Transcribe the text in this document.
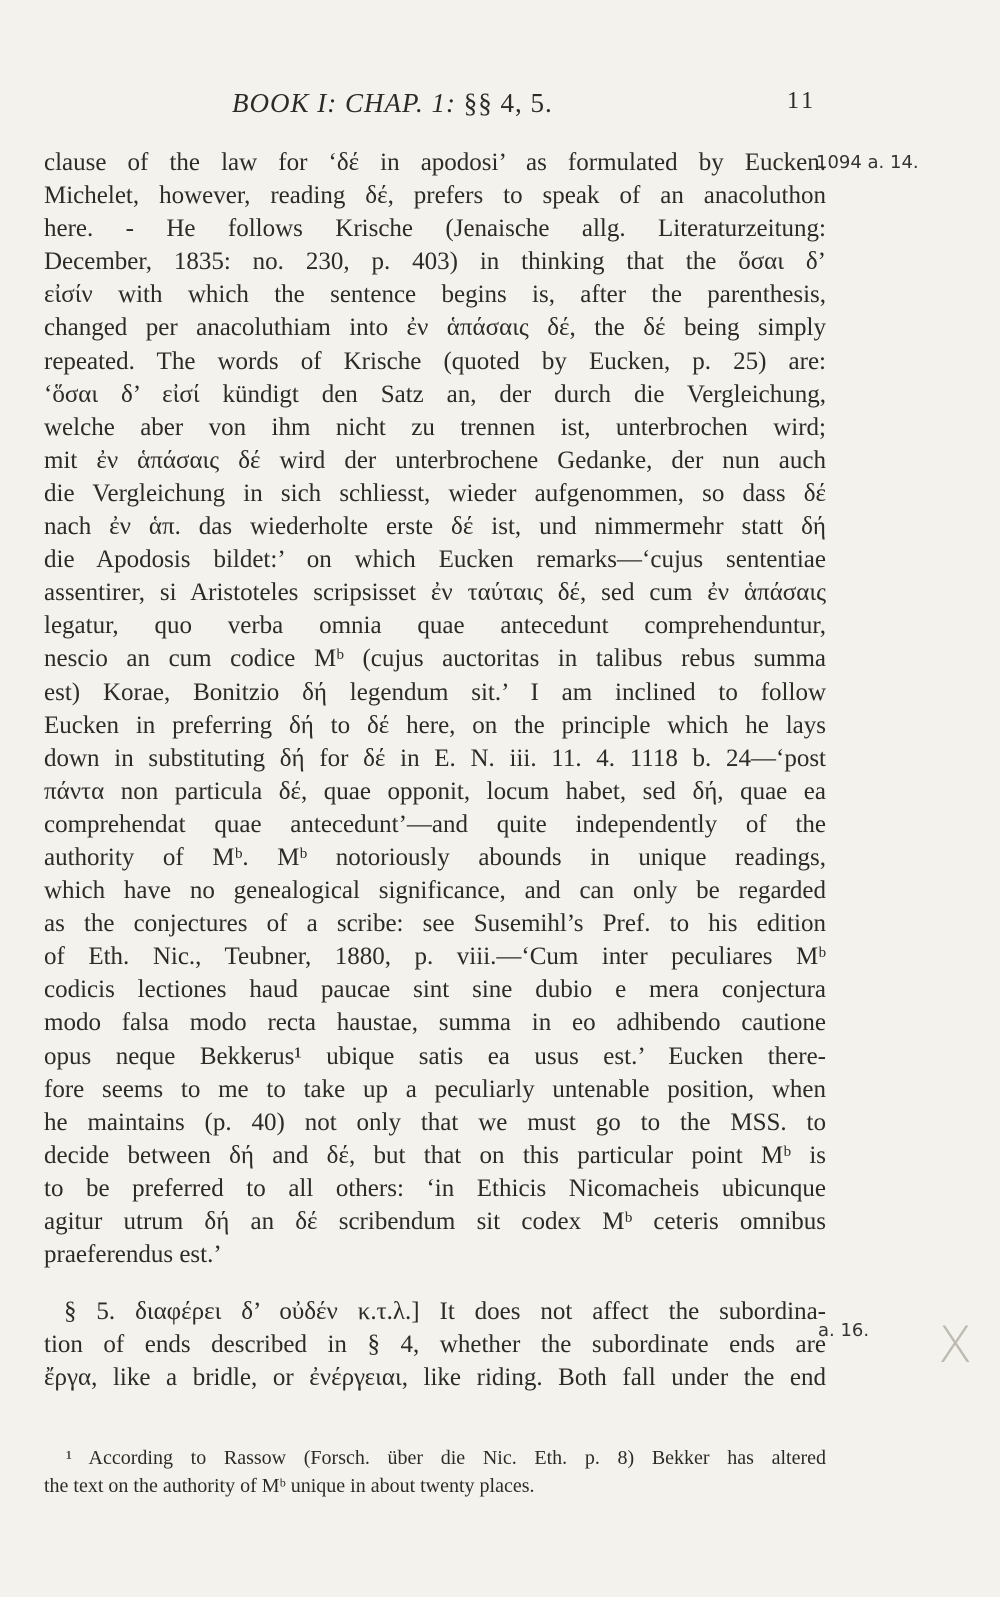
BOOK I: CHAP. 1: §§ 4, 5.	11
1094 a. 14.
a. 16. X
clause of the law for ‘δέ in apodosi’ as formulated by Eucken.
Michelet, however, reading δέ, prefers to speak of an anacoluthon
here. - He follows Krische (Jenaische allg. Literaturzeitung:
December, 1835: no. 230, p. 403) in thinking that the ὅσαι δ’
εἰσίν with which the sentence begins is, after the parenthesis,
changed per anacoluthiam into ἐν ἁπάσαις δέ, the δέ being simply
repeated. The words of Krische (quoted by Eucken, p. 25) are:
‘ὅσαι δ’ εἰσί kündigt den Satz an, der durch die Vergleichung,
welche aber von ihm nicht zu trennen ist, unterbrochen wird;
mit ἐν ἁπάσαις δέ wird der unterbrochene Gedanke, der nun auch
die Vergleichung in sich schliesst, wieder aufgenommen, so dass δέ
nach ἐν ἁπ. das wiederholte erste δέ ist, und nimmermehr statt δή
die Apodosis bildet:’ on which Eucken remarks—‘cujus sententiae
assentirer, si Aristoteles scripsisset ἐν ταύταις δέ, sed cum ἐν ἁπάσαις
legatur, quo verba omnia quae antecedunt comprehenduntur,
nescio an cum codice Mᵇ (cujus auctoritas in talibus rebus summa
est) Korae, Bonitzio δή legendum sit.’ I am inclined to follow
Eucken in preferring δή to δέ here, on the principle which he lays
down in substituting δή for δέ in E. N. iii. 11. 4. 1118 b. 24—‘post
πάντα non particula δέ, quae opponit, locum habet, sed δή, quae ea
comprehendat quae antecedunt’—and quite independently of the
authority of Mᵇ. Mᵇ notoriously abounds in unique readings,
which have no genealogical significance, and can only be regarded
as the conjectures of a scribe: see Susemihl’s Pref. to his edition
of Eth. Nic., Teubner, 1880, p. viii.—‘Cum inter peculiares Mᵇ
codicis lectiones haud paucae sint sine dubio e mera conjectura
modo falsa modo recta haustae, summa in eo adhibendo cautione
opus neque Bekkerus¹ ubique satis ea usus est.’ Eucken there-
fore seems to me to take up a peculiarly untenable position, when
he maintains (p. 40) not only that we must go to the MSS. to
decide between δή and δέ, but that on this particular point Mᵇ is
to be preferred to all others: ‘in Ethicis Nicomacheis ubicunque
agitur utrum δή an δέ scribendum sit codex Mᵇ ceteris omnibus
praeferendus est.’
§ 5. διαφέρει δ’ οὐδέν κ.τ.λ.] It does not affect the subordina-
tion of ends described in § 4, whether the subordinate ends are
ἔργα, like a bridle, or ἐνέργειαι, like riding. Both fall under the end
¹ According to Rassow (Forsch. über die Nic. Eth. p. 8) Bekker has altered
the text on the authority of Mᵇ unique in about twenty places.
